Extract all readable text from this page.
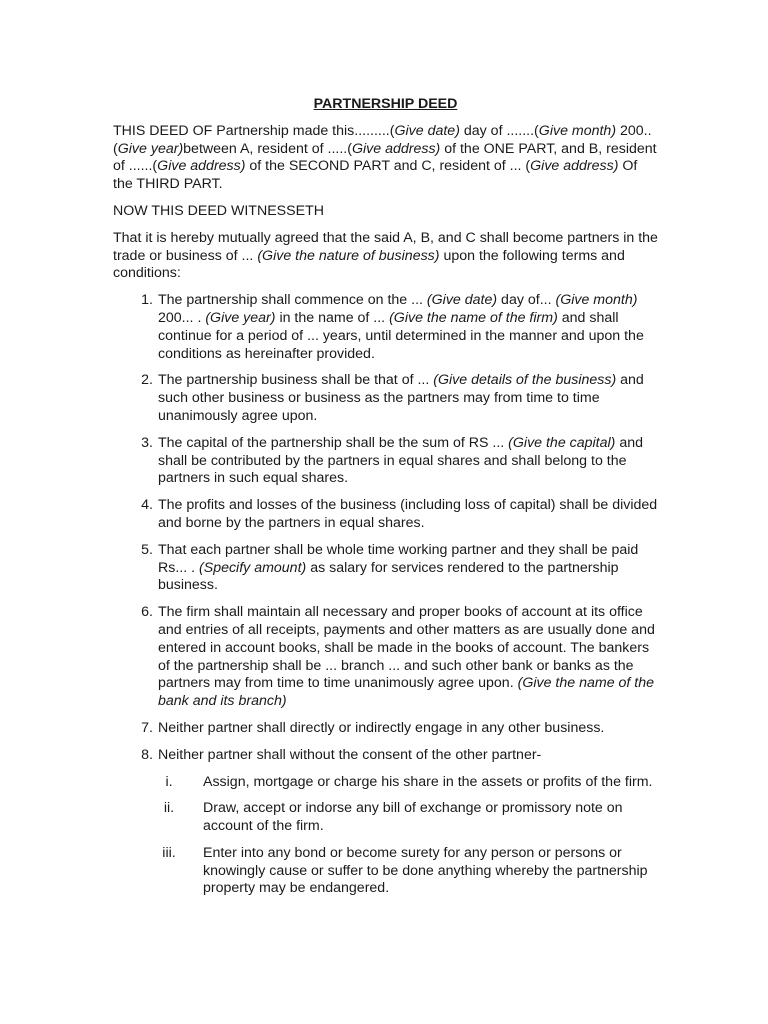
PARTNERSHIP DEED

THIS DEED OF Partnership made this.........(Give date) day of .......(Give month) 200..(Give year)between A, resident of .....(Give address) of the ONE PART, and B, resident of ......(Give address) of the SECOND PART and C, resident of ... (Give address) Of the THIRD PART.

NOW THIS DEED WITNESSETH

That it is hereby mutually agreed that the said A, B, and C shall become partners in the trade or business of ... (Give the nature of business) upon the following terms and conditions:

1. The partnership shall commence on the ... (Give date) day of... (Give month) 200... . (Give year) in the name of ... (Give the name of the firm) and shall continue for a period of ... years, until determined in the manner and upon the conditions as hereinafter provided.
2. The partnership business shall be that of ... (Give details of the business) and such other business or business as the partners may from time to time unanimously agree upon.
3. The capital of the partnership shall be the sum of RS ... (Give the capital) and shall be contributed by the partners in equal shares and shall belong to the partners in such equal shares.
4. The profits and losses of the business (including loss of capital) shall be divided and borne by the partners in equal shares.
5. That each partner shall be whole time working partner and they shall be paid Rs... . (Specify amount) as salary for services rendered to the partnership business.
6. The firm shall maintain all necessary and proper books of account at its office and entries of all receipts, payments and other matters as are usually done and entered in account books, shall be made in the books of account. The bankers of the partnership shall be ... branch ... and such other bank or banks as the partners may from time to time unanimously agree upon. (Give the name of the bank and its branch)
7. Neither partner shall directly or indirectly engage in any other business.
8. Neither partner shall without the consent of the other partner-
i.	Assign, mortgage or charge his share in the assets or profits of the firm.
ii.	Draw, accept or indorse any bill of exchange or promissory note on account of the firm.
iii.	Enter into any bond or become surety for any person or persons or knowingly cause or suffer to be done anything whereby the partnership property may be endangered.
